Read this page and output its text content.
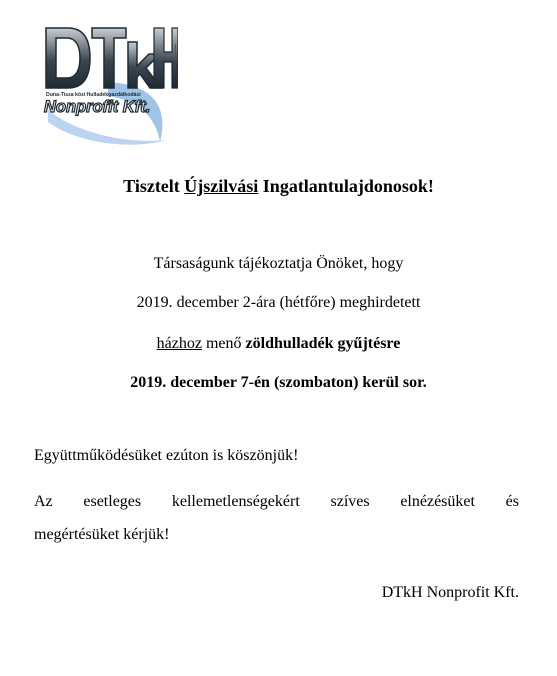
Duna-Tisza közi Hulladékgazdálkodási
Nonprofit Kft.
Tisztelt Újszilvási Ingatlantulajdonosok!
Társaságunk tájékoztatja Önöket, hogy
2019. december 2-ára (hétfőre) meghirdetett
házhoz menő zöldhulladék gyűjtésre
2019. december 7-én (szombaton) kerül sor.
Együttműködésüket ezúton is köszönjük!
Az esetleges kellemetlenségekért szíves elnézésüket és
megértésüket kérjük!
DTkH Nonprofit Kft.
